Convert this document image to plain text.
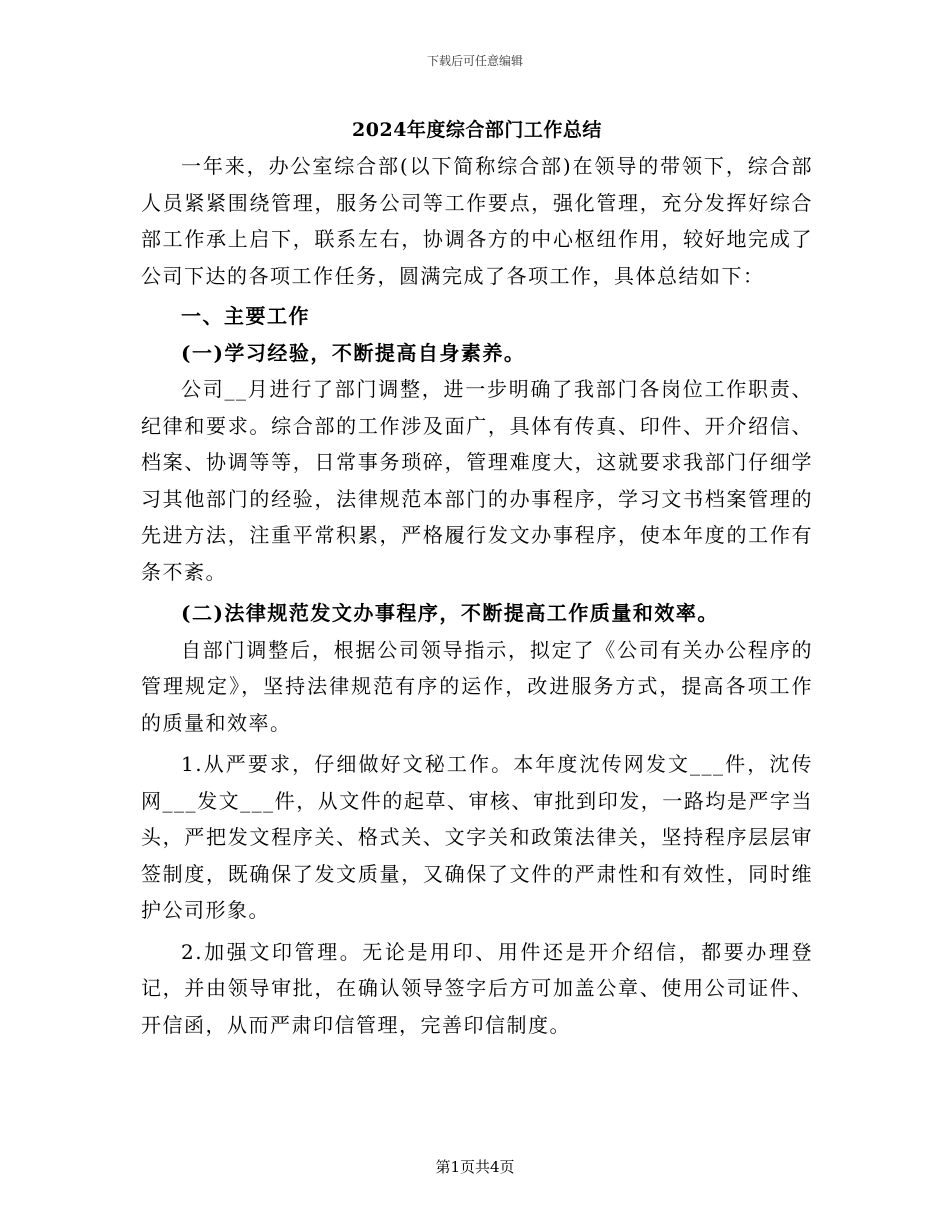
下载后可任意编辑

2024年度综合部门工作总结

一年来，办公室综合部(以下简称综合部)在领导的带领下，综合部人员紧紧围绕管理，服务公司等工作要点，强化管理，充分发挥好综合部工作承上启下，联系左右，协调各方的中心枢纽作用，较好地完成了公司下达的各项工作任务，圆满完成了各项工作，具体总结如下：

一、主要工作

(一)学习经验，不断提高自身素养。

公司__月进行了部门调整，进一步明确了我部门各岗位工作职责、纪律和要求。综合部的工作涉及面广，具体有传真、印件、开介绍信、档案、协调等等，日常事务琐碎，管理难度大，这就要求我部门仔细学习其他部门的经验，法律规范本部门的办事程序，学习文书档案管理的先进方法，注重平常积累，严格履行发文办事程序，使本年度的工作有条不紊。

(二)法律规范发文办事程序，不断提高工作质量和效率。

自部门调整后，根据公司领导指示，拟定了《公司有关办公程序的管理规定》，坚持法律规范有序的运作，改进服务方式，提高各项工作的质量和效率。

1.从严要求，仔细做好文秘工作。本年度沈传网发文___件，沈传网___发文___件，从文件的起草、审核、审批到印发，一路均是严字当头，严把发文程序关、格式关、文字关和政策法律关，坚持程序层层审签制度，既确保了发文质量，又确保了文件的严肃性和有效性，同时维护公司形象。

2.加强文印管理。无论是用印、用件还是开介绍信，都要办理登记，并由领导审批，在确认领导签字后方可加盖公章、使用公司证件、开信函，从而严肃印信管理，完善印信制度。

第1页共4页
